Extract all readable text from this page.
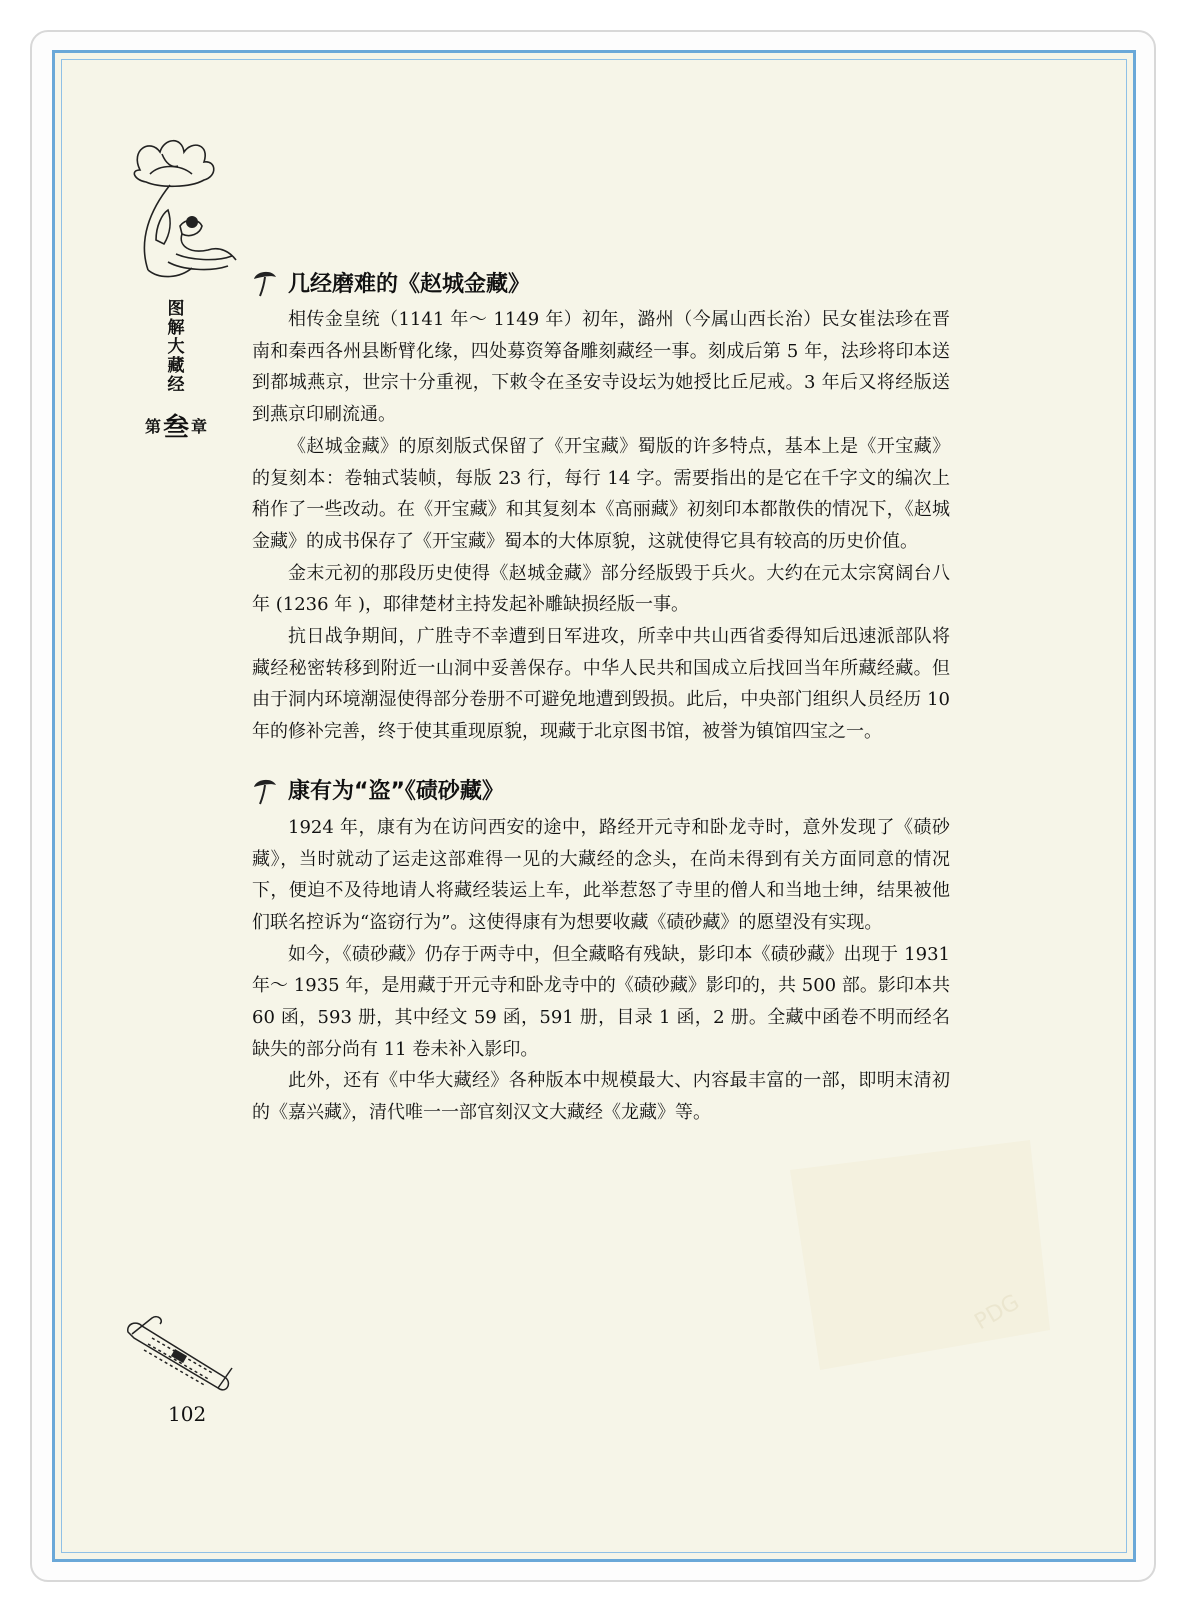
图解大藏经
第 叁 章
几经磨难的《赵城金藏》

相传金皇统（1141 年～ 1149 年）初年，潞州（今属山西长治）民女崔法珍在晋南和秦西各州县断臂化缘，四处募资筹备雕刻藏经一事。刻成后第 5 年，法珍将印本送到都城燕京，世宗十分重视，下敕令在圣安寺设坛为她授比丘尼戒。3 年后又将经版送到燕京印刷流通。

《赵城金藏》的原刻版式保留了《开宝藏》蜀版的许多特点，基本上是《开宝藏》的复刻本：卷轴式装帧，每版 23 行，每行 14 字。需要指出的是它在千字文的编次上稍作了一些改动。在《开宝藏》和其复刻本《高丽藏》初刻印本都散佚的情况下，《赵城金藏》的成书保存了《开宝藏》蜀本的大体原貌，这就使得它具有较高的历史价值。

金末元初的那段历史使得《赵城金藏》部分经版毁于兵火。大约在元太宗窝阔台八年 (1236 年 )，耶律楚材主持发起补雕缺损经版一事。

抗日战争期间，广胜寺不幸遭到日军进攻，所幸中共山西省委得知后迅速派部队将藏经秘密转移到附近一山洞中妥善保存。中华人民共和国成立后找回当年所藏经藏。但由于洞内环境潮湿使得部分卷册不可避免地遭到毁损。此后，中央部门组织人员经历 10 年的修补完善，终于使其重现原貌，现藏于北京图书馆，被誉为镇馆四宝之一。

康有为“盗”《碛砂藏》

1924 年，康有为在访问西安的途中，路经开元寺和卧龙寺时，意外发现了《碛砂藏》，当时就动了运走这部难得一见的大藏经的念头，在尚未得到有关方面同意的情况下，便迫不及待地请人将藏经装运上车，此举惹怒了寺里的僧人和当地士绅，结果被他们联名控诉为“盗窃行为”。这使得康有为想要收藏《碛砂藏》的愿望没有实现。

如今，《碛砂藏》仍存于两寺中，但全藏略有残缺，影印本《碛砂藏》出现于 1931 年～ 1935 年，是用藏于开元寺和卧龙寺中的《碛砂藏》影印的，共 500 部。影印本共 60 函，593 册，其中经文 59 函，591 册，目录 1 函，2 册。全藏中函卷不明而经名缺失的部分尚有 11 卷未补入影印。

此外，还有《中华大藏经》各种版本中规模最大、内容最丰富的一部，即明末清初的《嘉兴藏》，清代唯一一部官刻汉文大藏经《龙藏》等。

PDG
102
